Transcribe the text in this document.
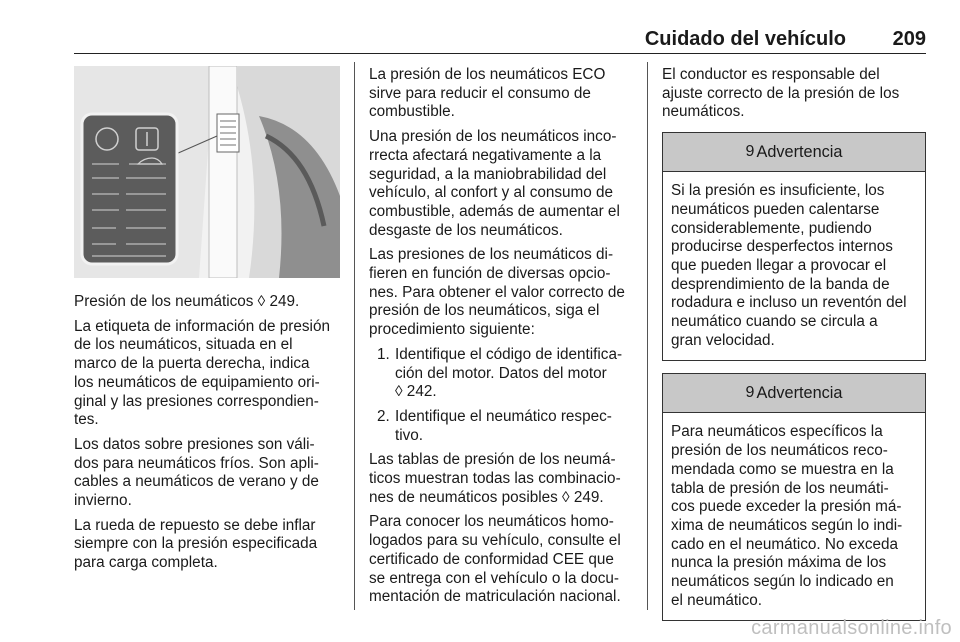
Cuidado del vehículo 209

Presión de los neumáticos ◊ 249.

La etiqueta de información de presión
de los neumáticos, situada en el
marco de la puerta derecha, indica
los neumáticos de equipamiento ori-
ginal y las presiones correspondien-
tes.

Los datos sobre presiones son váli-
dos para neumáticos fríos. Son apli-
cables a neumáticos de verano y de
invierno.

La rueda de repuesto se debe inflar
siempre con la presión especificada
para carga completa.

La presión de los neumáticos ECO
sirve para reducir el consumo de
combustible.

Una presión de los neumáticos inco-
rrecta afectará negativamente a la
seguridad, a la maniobrabilidad del
vehículo, al confort y al consumo de
combustible, además de aumentar el
desgaste de los neumáticos.

Las presiones de los neumáticos di-
fieren en función de diversas opcio-
nes. Para obtener el valor correcto de
presión de los neumáticos, siga el
procedimiento siguiente:

1. Identifique el código de identifica-
ción del motor. Datos del motor
◊ 242.
2. Identifique el neumático respec-
tivo.

Las tablas de presión de los neumá-
ticos muestran todas las combinacio-
nes de neumáticos posibles ◊ 249.

Para conocer los neumáticos homo-
logados para su vehículo, consulte el
certificado de conformidad CEE que
se entrega con el vehículo o la docu-
mentación de matriculación nacional.

El conductor es responsable del
ajuste correcto de la presión de los
neumáticos.

9 Advertencia
Si la presión es insuficiente, los
neumáticos pueden calentarse
considerablemente, pudiendo
producirse desperfectos internos
que pueden llegar a provocar el
desprendimiento de la banda de
rodadura e incluso un reventón del
neumático cuando se circula a
gran velocidad.
9 Advertencia
Para neumáticos específicos la
presión de los neumáticos reco-
mendada como se muestra en la
tabla de presión de los neumáti-
cos puede exceder la presión má-
xima de neumáticos según lo indi-
cado en el neumático. No exceda
nunca la presión máxima de los
neumáticos según lo indicado en
el neumático.
carmanualsonline.info
